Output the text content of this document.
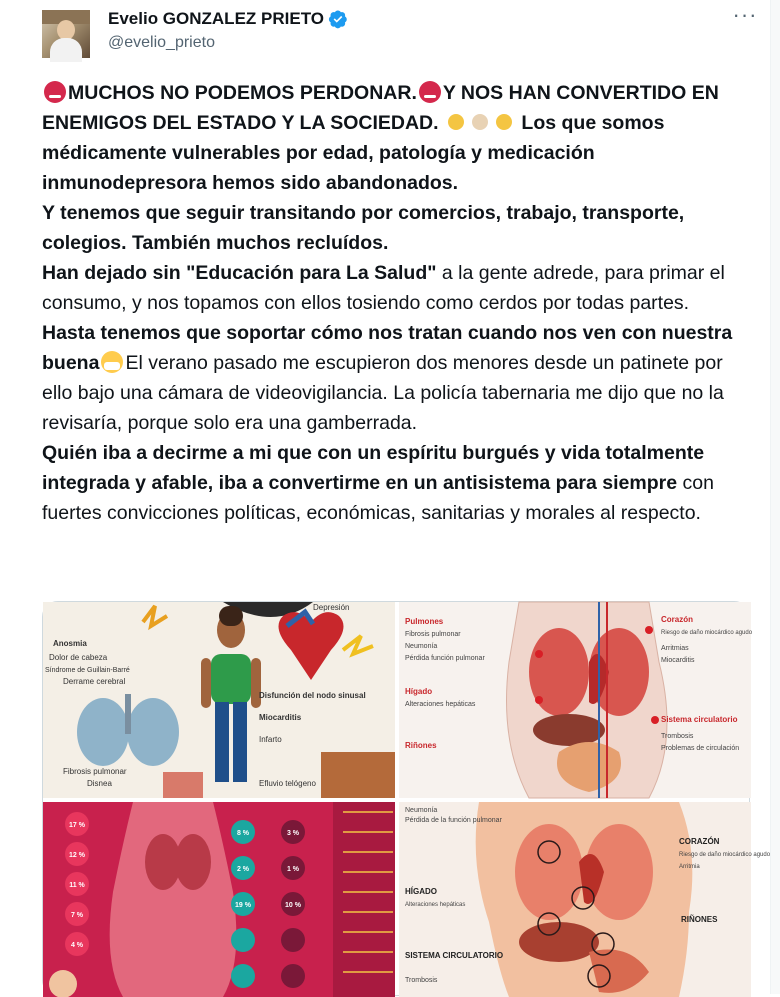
Evelio GONZALEZ PRIETO
@evelio_prieto
···

MUCHOS NO PODEMOS PERDONAR. Y NOS HAN CONVERTIDO EN ENEMIGOS DEL ESTADO Y LA SOCIEDAD.	Los que somos médicamente vulnerables por edad, patología y medicación inmunodepresora hemos sido abandonados.

Y tenemos que seguir transitando por comercios, trabajo, transporte, colegios. También muchos recluídos.

Han dejado sin "Educación para La Salud" a la gente adrede, para primar el consumo, y nos topamos con ellos tosiendo como cerdos por todas partes.

Hasta tenemos que soportar cómo nos tratan cuando nos ven con nuestra buena El verano pasado me escupieron dos menores desde un patinete por ello bajo una cámara de videovigilancia. La policía tabernaria me dijo que no la revisaría, porque solo era una gamberrada.

Quién iba a decirme a mi que con un espíritu burgués y vida totalmente integrada y afable, iba a convertirme en un antisistema para siempre con fuertes convicciones políticas, económicas, sanitarias y morales al respecto.

Anosmia
Dolor de cabeza
Síndrome de Guillain-Barré
Derrame cerebral
Depresión
Disfunción del nodo sinusal
Miocarditis
Infarto
Fibrosis pulmonar
Disnea	Efluvio telógeno
Pulmones
Fibrosis pulmonar
Neumonía
Pérdida función pulmonar
Hígado
Alteraciones hepáticas
Riñones
Corazón
Riesgo de daño miocárdico agudo
Arritmias
Miocarditis
Sistema circulatorio
Trombosis
Problemas de circulación
17 %
12 %
11 %
7 %
4 %
8 %	3 %
2 %	1 %
19 %	10 %
Neumonía
Pérdida de la función pulmonar
CORAZÓN
Riesgo de daño miocárdico agudo
Arritmia
HÍGADO
Alteraciones hepáticas
RIÑONES
SISTEMA CIRCULATORIO
Trombosis
